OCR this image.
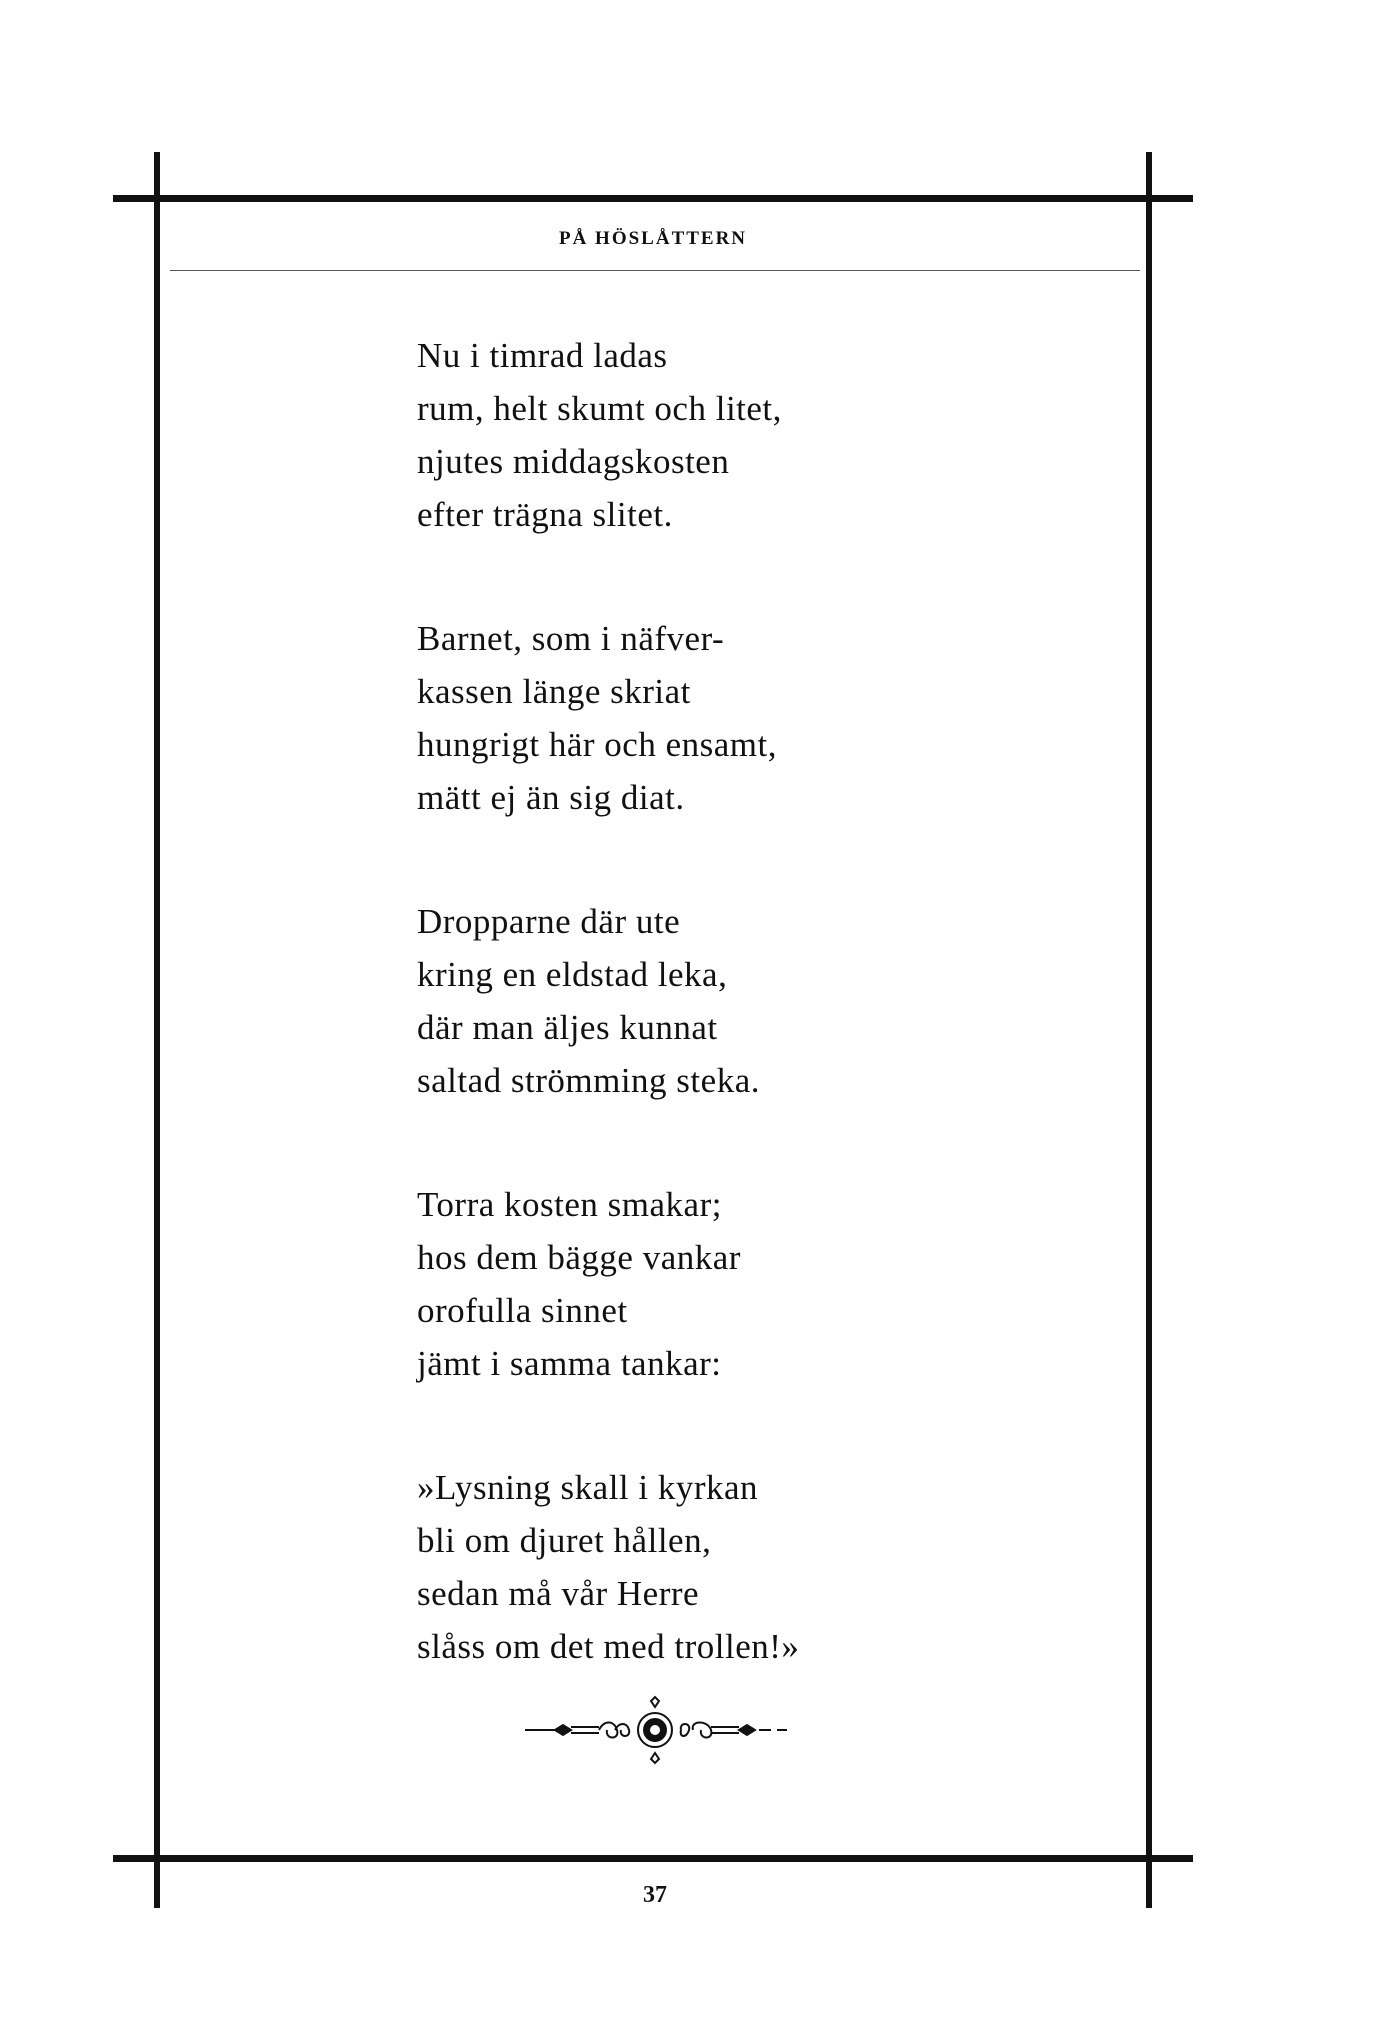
PÅ HÖSLÅTTERN
Nu i timrad ladas
rum, helt skumt och litet,
njutes middagskosten
efter trägna slitet.
Barnet, som i näfver-
kassen länge skriat
hungrigt här och ensamt,
mätt ej än sig diat.
Dropparne där ute
kring en eldstad leka,
där man äljes kunnat
saltad strömming steka.
Torra kosten smakar;
hos dem bägge vankar
orofulla sinnet
jämt i samma tankar:
»Lysning skall i kyrkan
bli om djuret hållen,
sedan må vår Herre
slåss om det med trollen!»
37
